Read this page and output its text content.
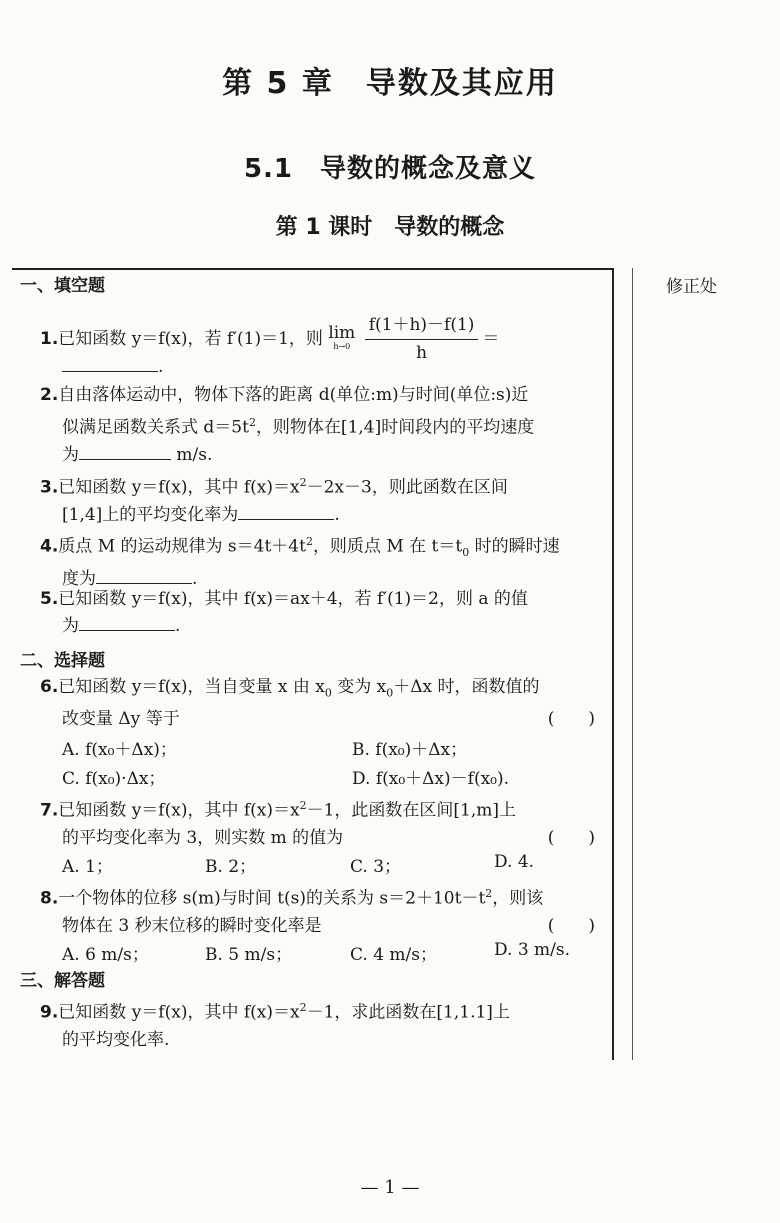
第 5 章　导数及其应用
5.1　导数的概念及意义
第 1 课时　导数的概念
修正处
一、填空题
1.已知函数 y＝f(x)，若 f′(1)＝1，则 lim
h→0
$\frac{f(1+h)-f(1)}{h}$ ＝
.
2.自由落体运动中，物体下落的距离 d(单位:m)与时间(单位:s)近
似满足函数关系式 $d=5t^2$，则物体在[1,4]时间段内的平均速度
为	m/s.
3.已知函数 y＝f(x)，其中 $f(x)=x^2-2x-3$，则此函数在区间
[1,4]上的平均变化率为	.
4.质点 M 的运动规律为 $s=4t+4t^2$，则质点 M 在 $t=t_0$ 时的瞬时速
度为	.
5.已知函数 y＝f(x)，其中 f(x)＝ax＋4，若 f′(1)＝2，则 a 的值
为	.
二、选择题
6.已知函数 y＝f(x)，当自变量 x 由 $x_0$ 变为 $x_0+\Delta x$ 时，函数值的
改变量 Δy 等于	(　　)
A. f(x₀＋Δx)；	B. f(x₀)＋Δx；
C. f(x₀)·Δx；	D. f(x₀＋Δx)－f(x₀).
7.已知函数 y＝f(x)，其中 $f(x)=x^2-1$，此函数在区间[1,m]上
的平均变化率为 3，则实数 m 的值为	(　　)
A. 1；	B. 2；	C. 3；	D. 4.
8.一个物体的位移 s(m)与时间 t(s)的关系为 $s=2+10t-t^2$，则该
物体在 3 秒末位移的瞬时变化率是	(　　)
A. 6 m/s；	B. 5 m/s；	C. 4 m/s；	D. 3 m/s.
三、解答题
9.已知函数 y＝f(x)，其中 $f(x)=x^2-1$，求此函数在[1,1.1]上
的平均变化率.
— 1 —
